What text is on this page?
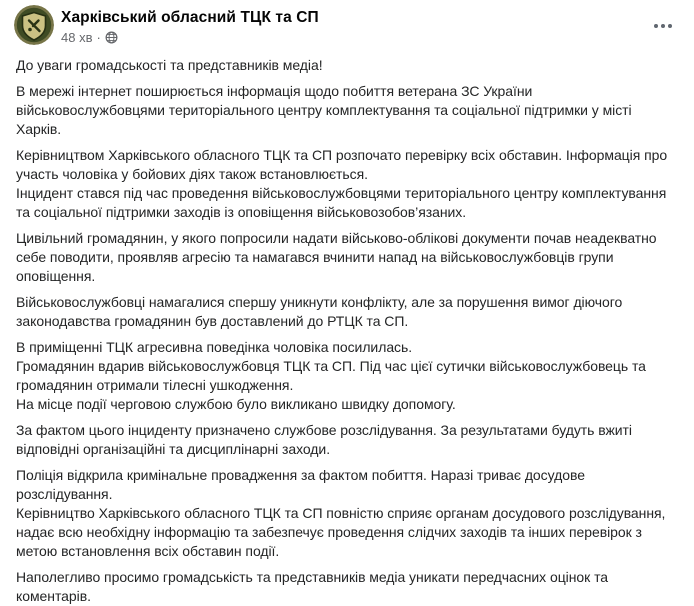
Харківський обласний ТЦК та СП
48 хв ·
До уваги громадськості та представників медіа!
В мережі інтернет поширюється інформація щодо побиття ветерана ЗС України військовослужбовцями територіального центру комплектування та соціальної підтримки у місті Харків.
Керівництвом Харківського обласного ТЦК та СП розпочато перевірку всіх обставин. Інформація про участь чоловіка у бойових діях також встановлюється.
Інцидент стався під час проведення військовослужбовцями територіального центру комплектування та соціальної підтримки заходів із оповіщення військовозобов’язаних.
Цивільний громадянин, у якого попросили надати військово-облікові документи почав неадекватно себе поводити, проявляв агресію та намагався вчинити напад на військовослужбовців групи оповіщення.
Військовослужбовці намагалися спершу уникнути конфлікту, але за порушення вимог діючого законодавства громадянин був доставлений до РТЦК та СП.
В приміщенні ТЦК агресивна поведінка чоловіка посилилась.
Громадянин вдарив військовослужбовця ТЦК та СП. Під час цієї сутички військовослужбовець та громадянин отримали тілесні ушкодження.
На місце події черговою службою було викликано швидку допомогу.
За фактом цього інциденту призначено службове розслідування. За результатами будуть вжиті відповідні організаційні та дисциплінарні заходи.
Поліція відкрила кримінальне провадження за фактом побиття. Наразі триває досудове розслідування.
Керівництво Харківського обласного ТЦК та СП повністю сприяє органам досудового розслідування, надає всю необхідну інформацію та забезпечує проведення слідчих заходів та інших перевірок з метою встановлення всіх обставин події.
Наполегливо просимо громадськість та представників медіа уникати передчасних оцінок та коментарів.
